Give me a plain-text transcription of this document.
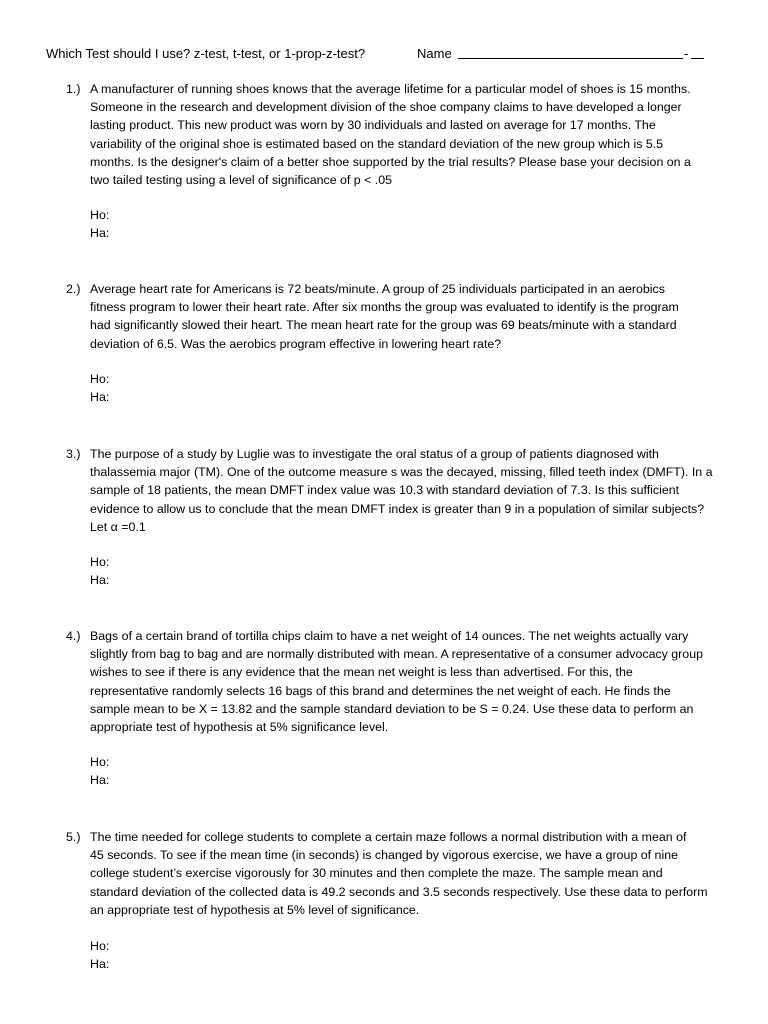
Which Test should I use? z-test, t-test, or 1-prop-z-test?	Name	-
1.) A manufacturer of running shoes knows that the average lifetime for a particular model of shoes is 15 months.
Someone in the research and development division of the shoe company claims to have developed a longer
lasting product. This new product was worn by 30 individuals and lasted on average for 17 months. The
variability of the original shoe is estimated based on the standard deviation of the new group which is 5.5
months. Is the designer's claim of a better shoe supported by the trial results? Please base your decision on a
two tailed testing using a level of significance of p < .05
Ho:
Ha:
2.) Average heart rate for Americans is 72 beats/minute. A group of 25 individuals participated in an aerobics
fitness program to lower their heart rate. After six months the group was evaluated to identify is the program
had significantly slowed their heart. The mean heart rate for the group was 69 beats/minute with a standard
deviation of 6.5. Was the aerobics program effective in lowering heart rate?
Ho:
Ha:
3.) The purpose of a study by Luglie was to investigate the oral status of a group of patients diagnosed with
thalassemia major (TM). One of the outcome measure s was the decayed, missing, filled teeth index (DMFT). In a
sample of 18 patients, the mean DMFT index value was 10.3 with standard deviation of 7.3. Is this sufficient
evidence to allow us to conclude that the mean DMFT index is greater than 9 in a population of similar subjects?
Let α =0.1
Ho:
Ha:
4.) Bags of a certain brand of tortilla chips claim to have a net weight of 14 ounces. The net weights actually vary
slightly from bag to bag and are normally distributed with mean. A representative of a consumer advocacy group
wishes to see if there is any evidence that the mean net weight is less than advertised. For this, the
representative randomly selects 16 bags of this brand and determines the net weight of each. He finds the
sample mean to be X = 13.82 and the sample standard deviation to be S = 0.24. Use these data to perform an
appropriate test of hypothesis at 5% significance level.
Ho:
Ha:
5.) The time needed for college students to complete a certain maze follows a normal distribution with a mean of
45 seconds. To see if the mean time (in seconds) is changed by vigorous exercise, we have a group of nine
college student’s exercise vigorously for 30 minutes and then complete the maze. The sample mean and
standard deviation of the collected data is 49.2 seconds and 3.5 seconds respectively. Use these data to perform
an appropriate test of hypothesis at 5% level of significance.
Ho:
Ha:
